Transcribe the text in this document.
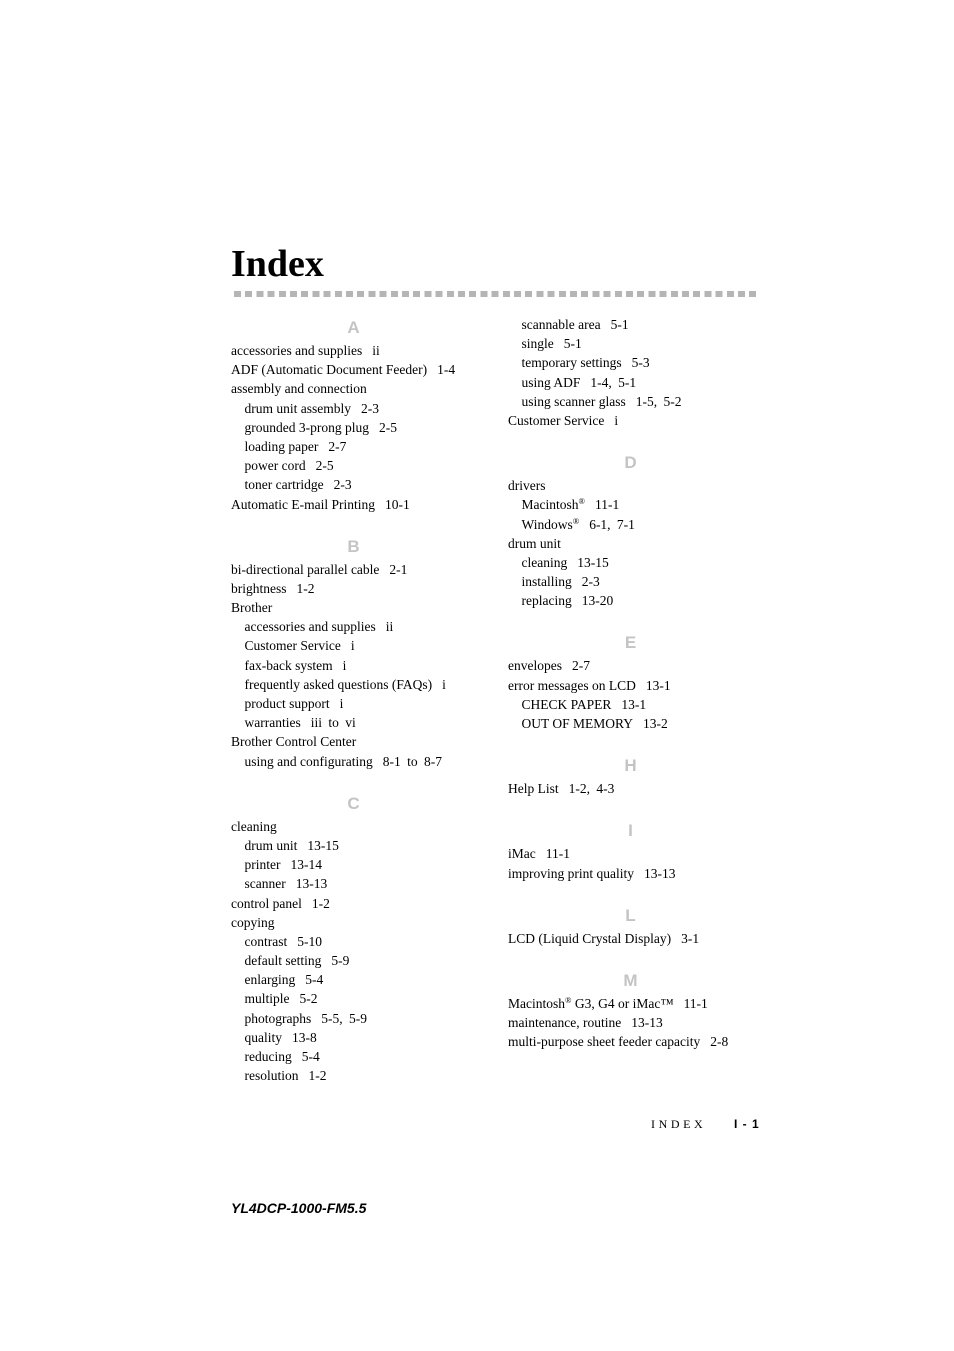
Index
A
accessories and supplies ii
ADF (Automatic Document Feeder) 1-4
assembly and connection
drum unit assembly 2-3
grounded 3-prong plug 2-5
loading paper 2-7
power cord 2-5
toner cartridge 2-3
Automatic E-mail Printing 10-1
B
bi-directional parallel cable 2-1
brightness 1-2
Brother
accessories and supplies ii
Customer Service i
fax-back system i
frequently asked questions (FAQs) i
product support i
warranties iii to vi
Brother Control Center
using and configurating 8-1 to 8-7
C
cleaning
drum unit 13-15
printer 13-14
scanner 13-13
control panel 1-2
copying
contrast 5-10
default setting 5-9
enlarging 5-4
multiple 5-2
photographs 5-5, 5-9
quality 13-8
reducing 5-4
resolution 1-2
scannable area 5-1
single 5-1
temporary settings 5-3
using ADF 1-4, 5-1
using scanner glass 1-5, 5-2
Customer Service i
D
drivers
Macintosh® 11-1
Windows® 6-1, 7-1
drum unit
cleaning 13-15
installing 2-3
replacing 13-20
E
envelopes 2-7
error messages on LCD 13-1
CHECK PAPER 13-1
OUT OF MEMORY 13-2
H
Help List 1-2, 4-3
I
iMac 11-1
improving print quality 13-13
L
LCD (Liquid Crystal Display) 3-1
M
Macintosh® G3, G4 or iMac™ 11-1
maintenance, routine 13-13
multi-purpose sheet feeder capacity 2-8
INDEX I - 1
YL4DCP-1000-FM5.5
